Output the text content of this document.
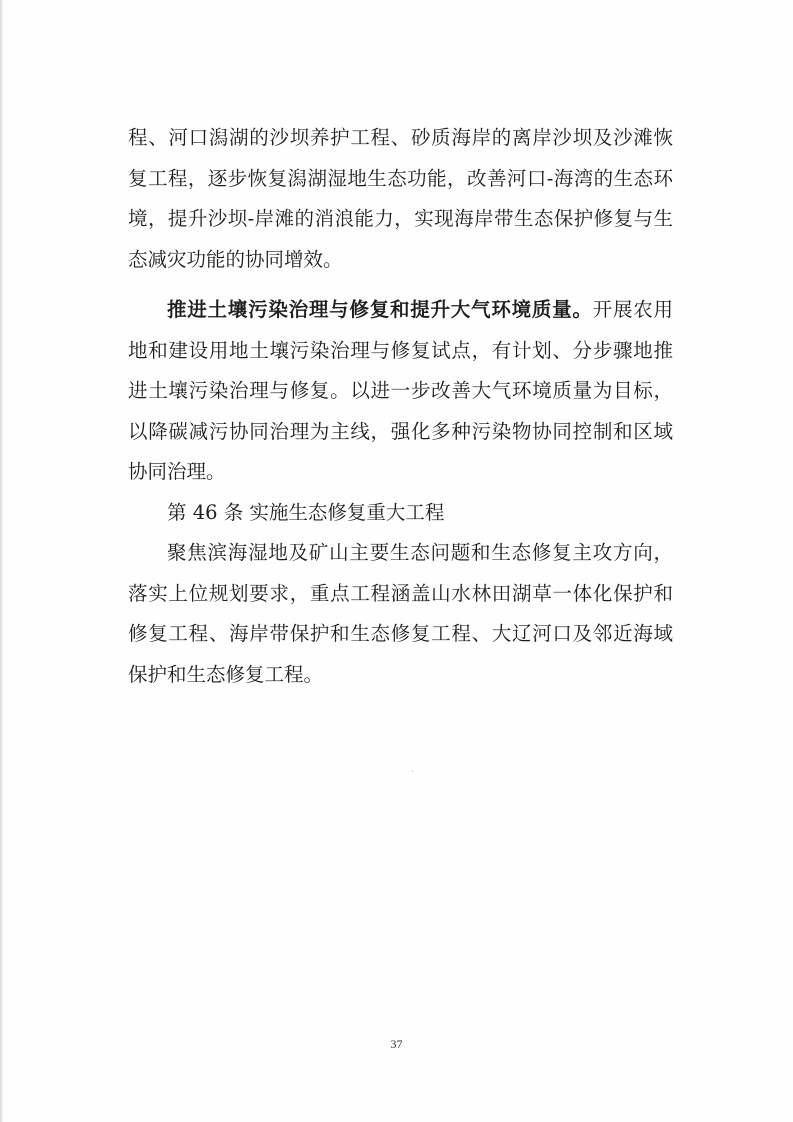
程、河口潟湖的沙坝养护工程、砂质海岸的离岸沙坝及沙滩恢复工程，逐步恢复潟湖湿地生态功能，改善河口-海湾的生态环境，提升沙坝-岸滩的消浪能力，实现海岸带生态保护修复与生态减灾功能的协同增效。

推进土壤污染治理与修复和提升大气环境质量。开展农用地和建设用地土壤污染治理与修复试点，有计划、分步骤地推进土壤污染治理与修复。以进一步改善大气环境质量为目标，以降碳减污协同治理为主线，强化多种污染物协同控制和区域协同治理。

第 46 条 实施生态修复重大工程

聚焦滨海湿地及矿山主要生态问题和生态修复主攻方向，落实上位规划要求，重点工程涵盖山水林田湖草一体化保护和修复工程、海岸带保护和生态修复工程、大辽河口及邻近海域保护和生态修复工程。

37
